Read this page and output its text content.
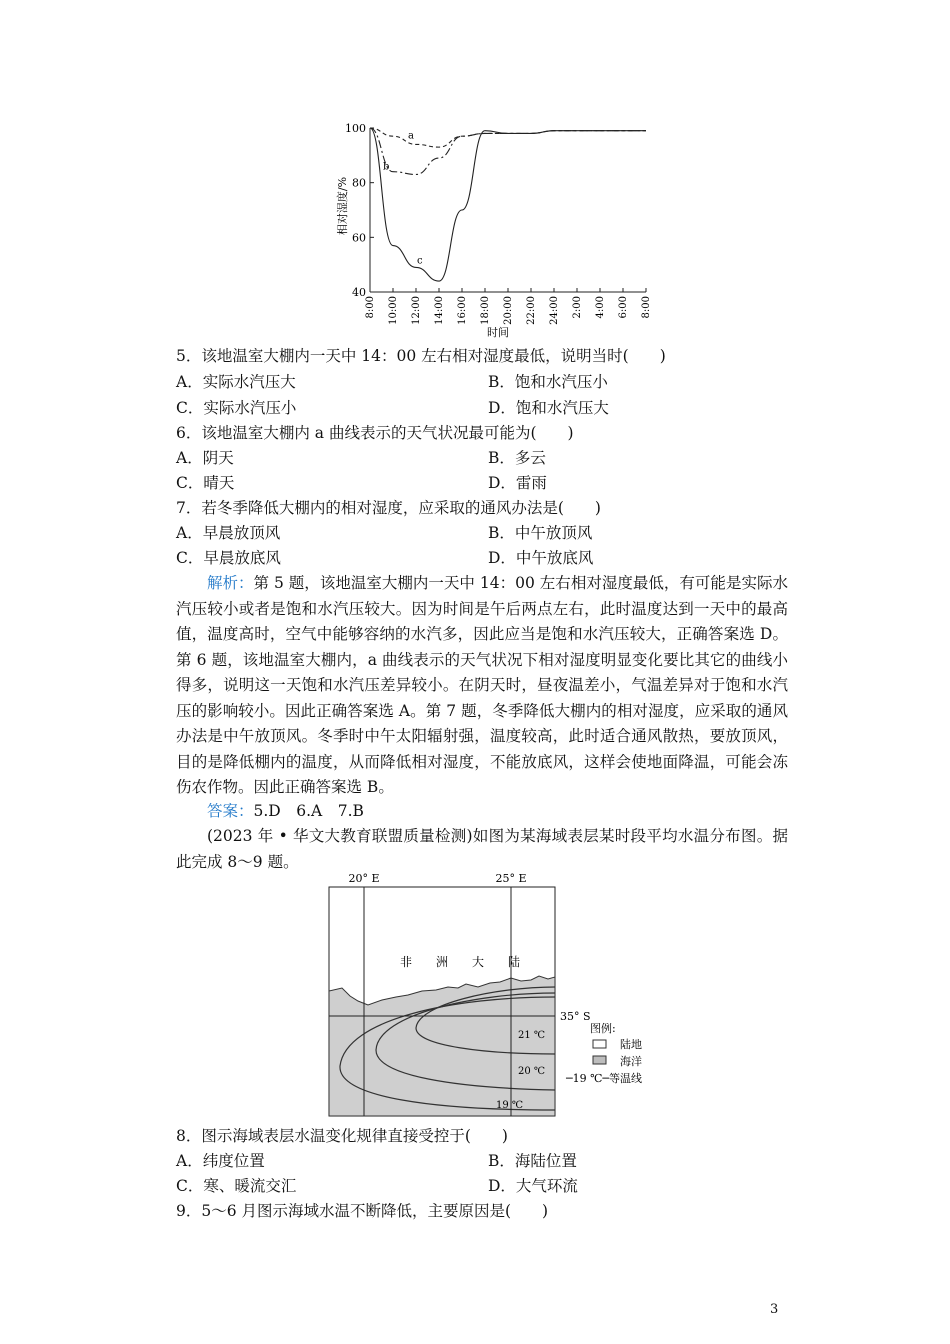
40
60
80
100
8:00 10:00 12:00 14:00 16:00 18:00 20:00 22:00 24:00 2:00 4:00 6:00 8:00
a
b
c
相对湿度/%
时间
5．该地温室大棚内一天中 14：00 左右相对湿度最低，说明当时(　　)
A．实际水汽压大	B．饱和水汽压小
C．实际水汽压小	D．饱和水汽压大
6．该地温室大棚内 a 曲线表示的天气状况最可能为(　　)
A．阴天	B．多云
C．晴天	D．雷雨
7．若冬季降低大棚内的相对湿度，应采取的通风办法是(　　)
A．早晨放顶风	B．中午放顶风
C．早晨放底风	D．中午放底风
解析：第 5 题，该地温室大棚内一天中 14：00 左右相对湿度最低，有可能是实际水汽压较小或者是饱和水汽压较大。因为时间是午后两点左右，此时温度达到一天中的最高值，温度高时，空气中能够容纳的水汽多，因此应当是饱和水汽压较大，正确答案选 D。第 6 题，该地温室大棚内，a 曲线表示的天气状况下相对湿度明显变化要比其它的曲线小得多，说明这一天饱和水汽压差异较小。在阴天时，昼夜温差小，气温差异对于饱和水汽压的影响较小。因此正确答案选 A。第 7 题，冬季降低大棚内的相对湿度，应采取的通风办法是中午放顶风。冬季时中午太阳辐射强，温度较高，此时适合通风散热，要放顶风，目的是降低棚内的温度，从而降低相对湿度，不能放底风，这样会使地面降温，可能会冻伤农作物。因此正确答案选 B。
答案：5.D　6.A　7.B
(2023 年 • 华文大教育联盟质量检测)如图为某海域表层某时段平均水温分布图。据此完成 8～9 题。
20° E	25° E
35° S
非　　洲　　大　　陆
21 ℃
20 ℃
19 ℃
图例:
陆地
海洋
─19 ℃─等温线
8．图示海域表层水温变化规律直接受控于(　　)
A．纬度位置	B．海陆位置
C．寒、暖流交汇	D．大气环流
9．5～6 月图示海域水温不断降低，主要原因是(　　)
3
